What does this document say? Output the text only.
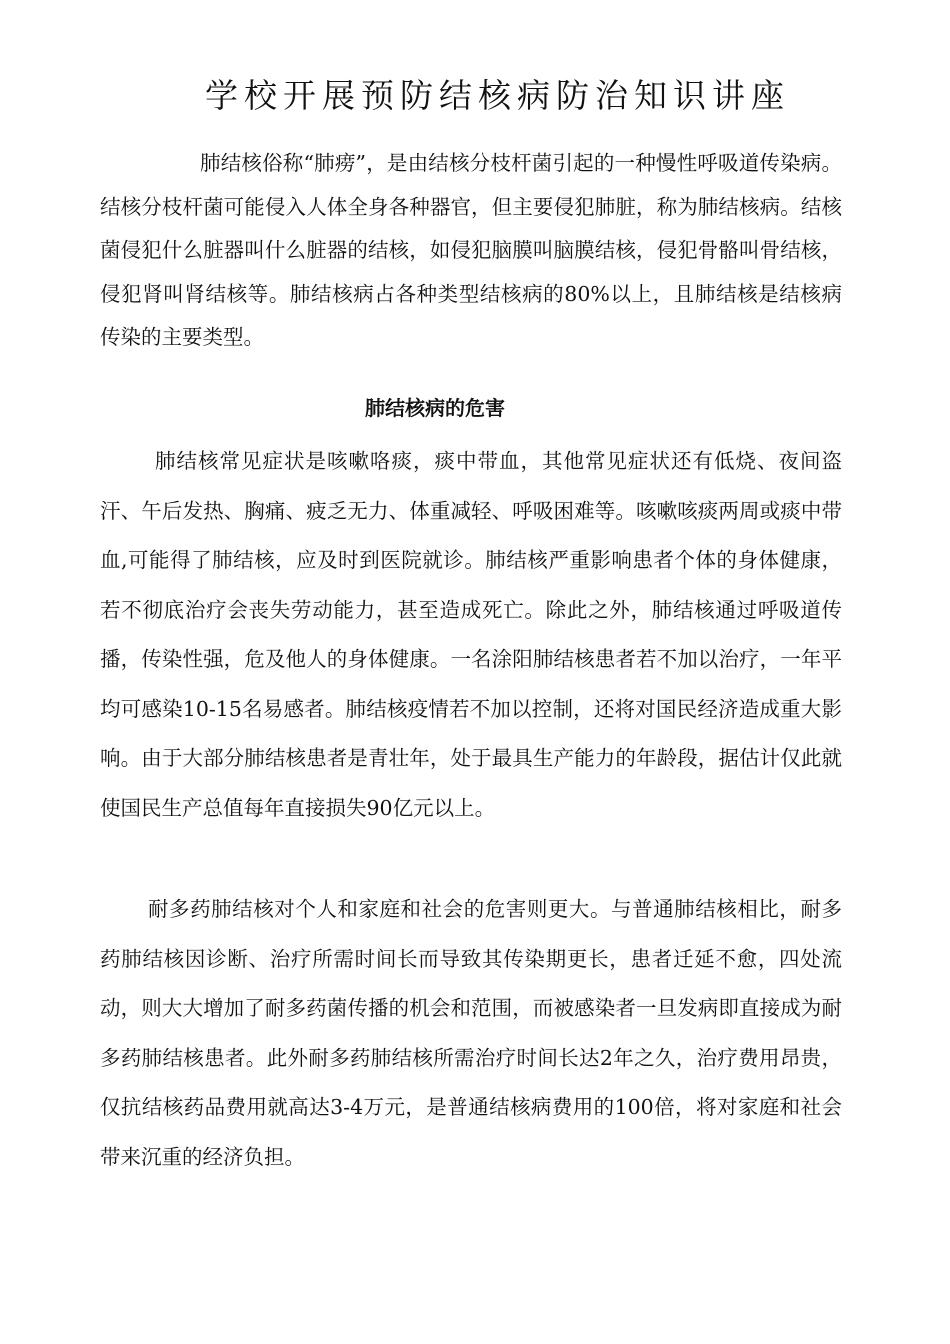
学校开展预防结核病防治知识讲座

肺结核俗称“肺痨”，是由结核分枝杆菌引起的一种慢性呼吸道传染病。结核分枝杆菌可能侵入人体全身各种器官，但主要侵犯肺脏，称为肺结核病。结核菌侵犯什么脏器叫什么脏器的结核，如侵犯脑膜叫脑膜结核，侵犯骨骼叫骨结核，侵犯肾叫肾结核等。肺结核病占各种类型结核病的80%以上，且肺结核是结核病传染的主要类型。

肺结核病的危害

肺结核常见症状是咳嗽咯痰，痰中带血，其他常见症状还有低烧、夜间盗汗、午后发热、胸痛、疲乏无力、体重减轻、呼吸困难等。咳嗽咳痰两周或痰中带血,可能得了肺结核，应及时到医院就诊。肺结核严重影响患者个体的身体健康，若不彻底治疗会丧失劳动能力，甚至造成死亡。除此之外，肺结核通过呼吸道传播，传染性强，危及他人的身体健康。一名涂阳肺结核患者若不加以治疗，一年平均可感染10-15名易感者。肺结核疫情若不加以控制，还将对国民经济造成重大影响。由于大部分肺结核患者是青壮年，处于最具生产能力的年龄段，据估计仅此就使国民生产总值每年直接损失90亿元以上。

耐多药肺结核对个人和家庭和社会的危害则更大。与普通肺结核相比，耐多药肺结核因诊断、治疗所需时间长而导致其传染期更长，患者迁延不愈，四处流动，则大大增加了耐多药菌传播的机会和范围，而被感染者一旦发病即直接成为耐多药肺结核患者。此外耐多药肺结核所需治疗时间长达2年之久，治疗费用昂贵，仅抗结核药品费用就高达3-4万元，是普通结核病费用的100倍，将对家庭和社会带来沉重的经济负担。
